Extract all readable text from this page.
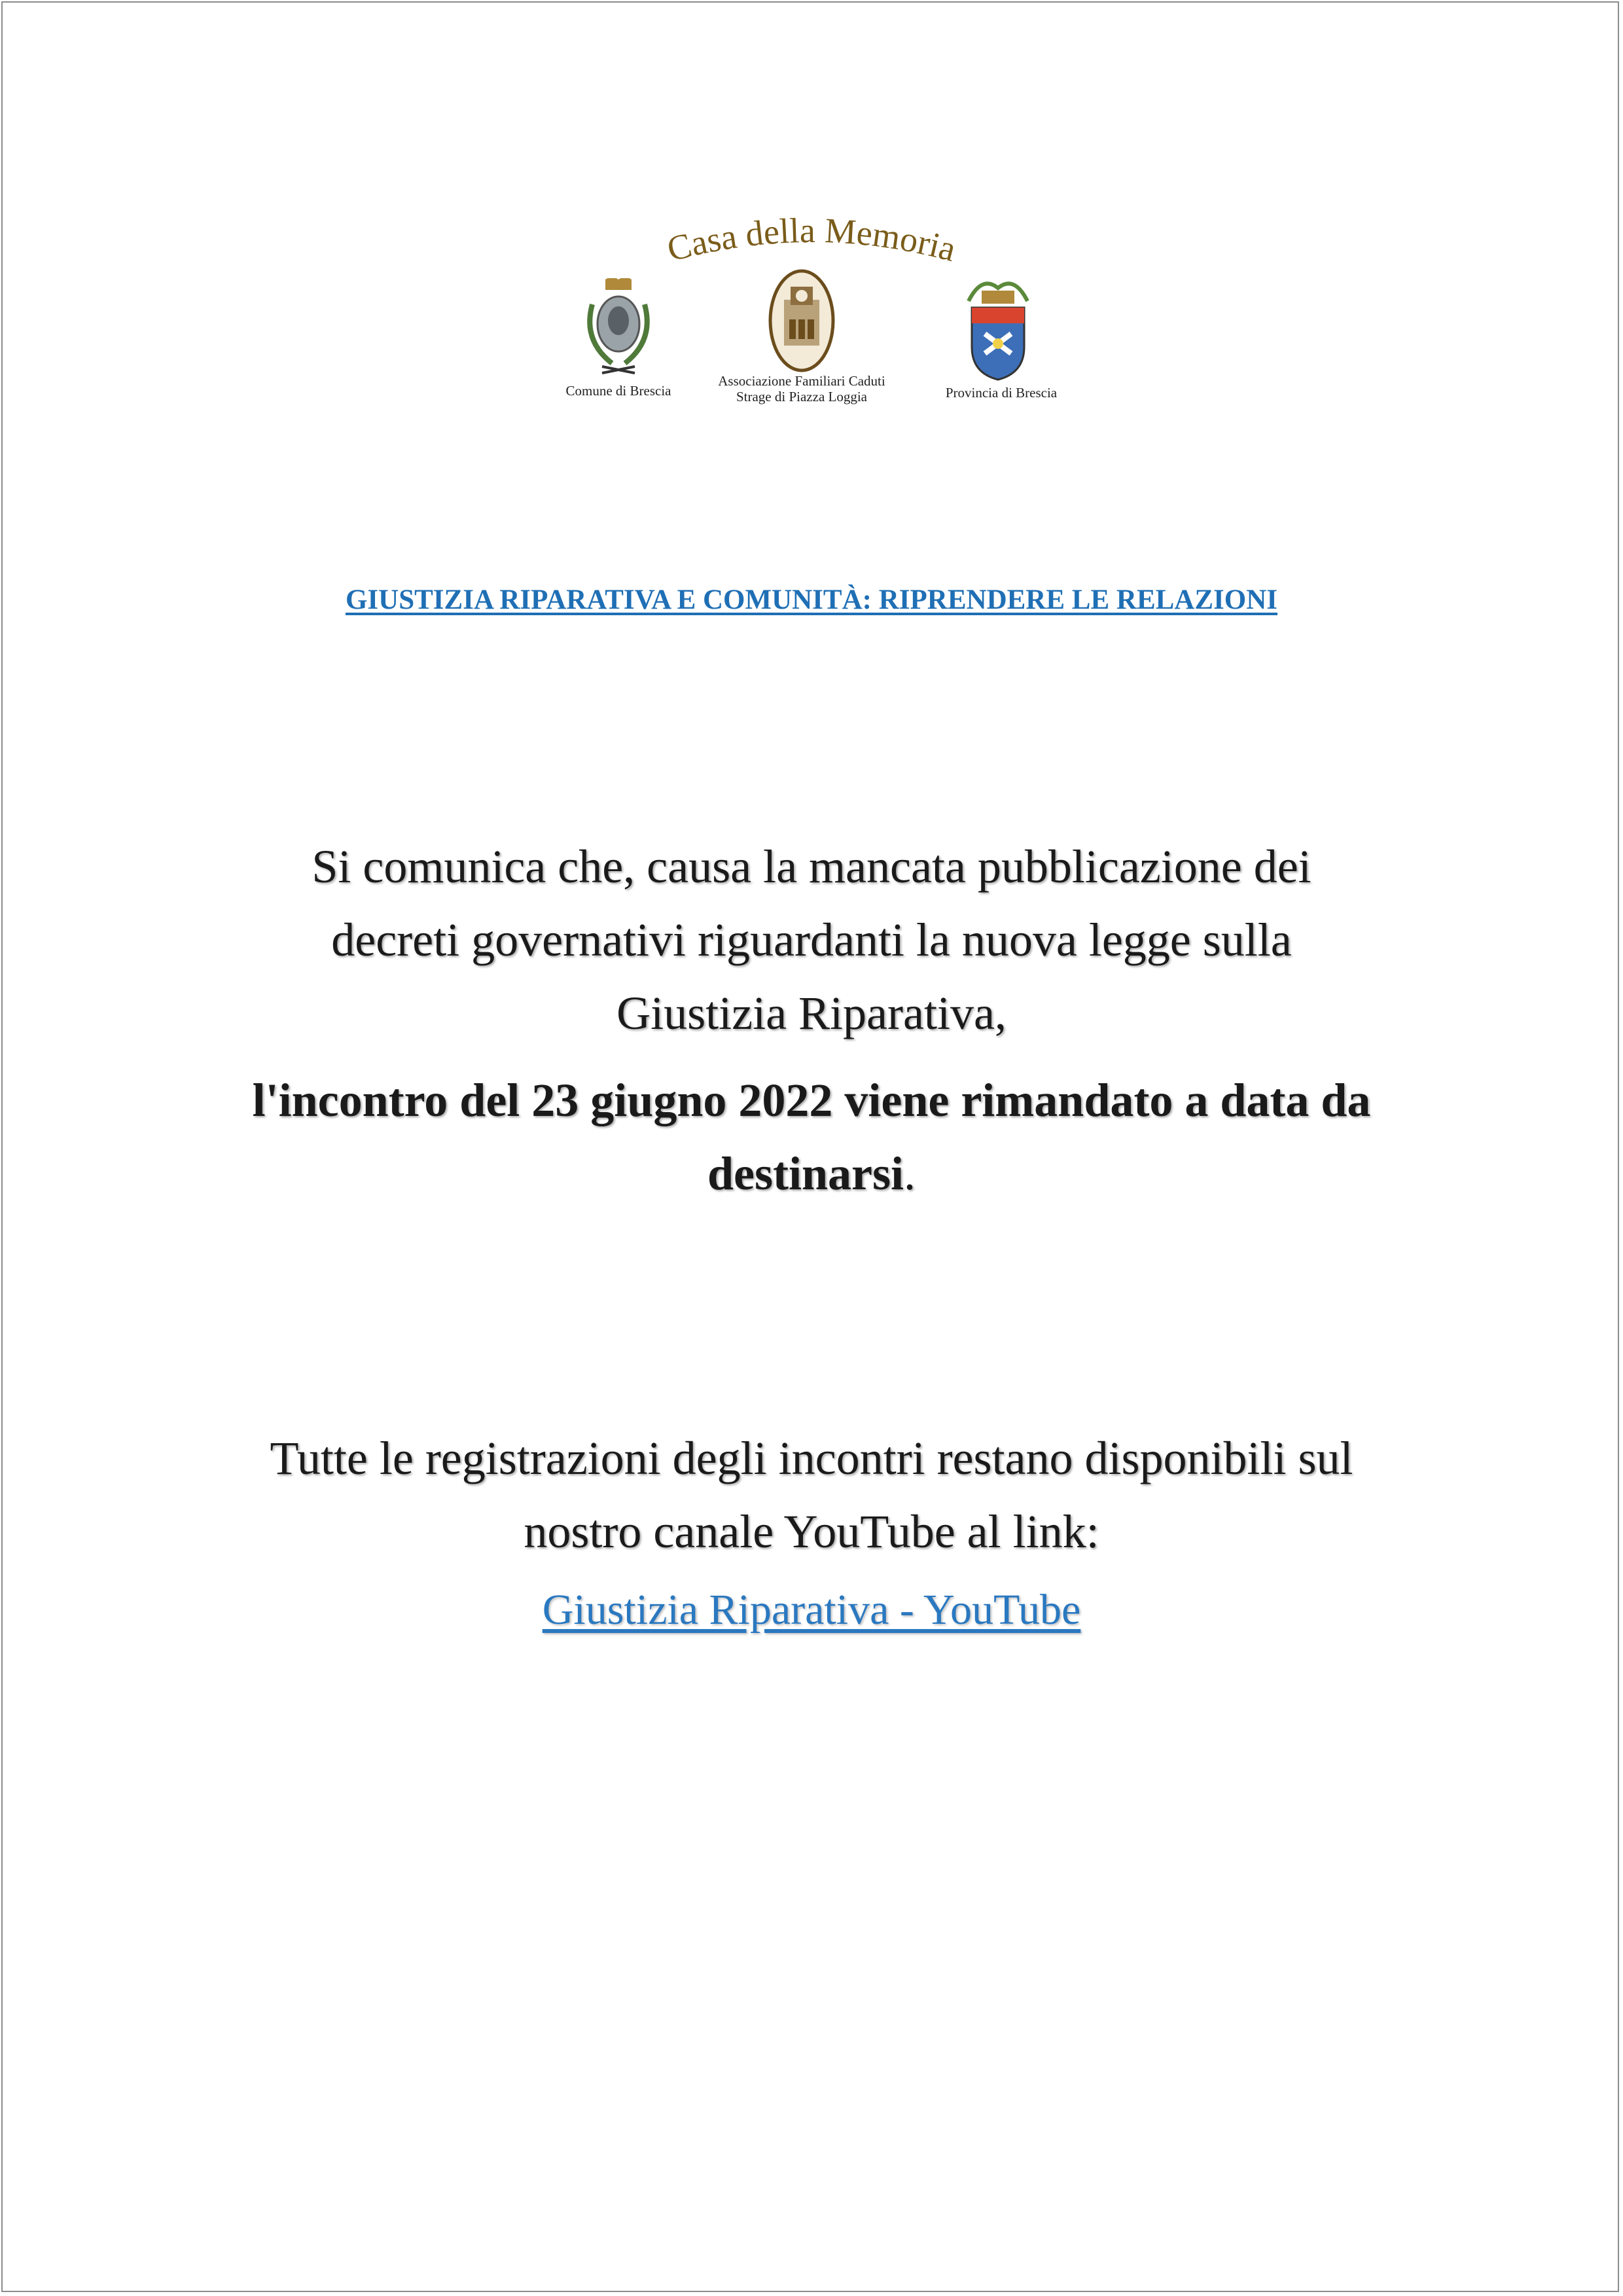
Casa della Memoria
Comune di Brescia
Associazione Familiari Caduti
Strage di Piazza Loggia	Provincia di Brescia
GIUSTIZIA RIPARATIVA E COMUNITÀ: RIPRENDERE LE RELAZIONI
Si comunica che, causa la mancata pubblicazione dei
decreti governativi riguardanti la nuova legge sulla
Giustizia Riparativa,
l'incontro del 23 giugno 2022 viene rimandato a data da
destinarsi.
Tutte le registrazioni degli incontri restano disponibili sul
nostro canale YouTube al link:
Giustizia Riparativa - YouTube
